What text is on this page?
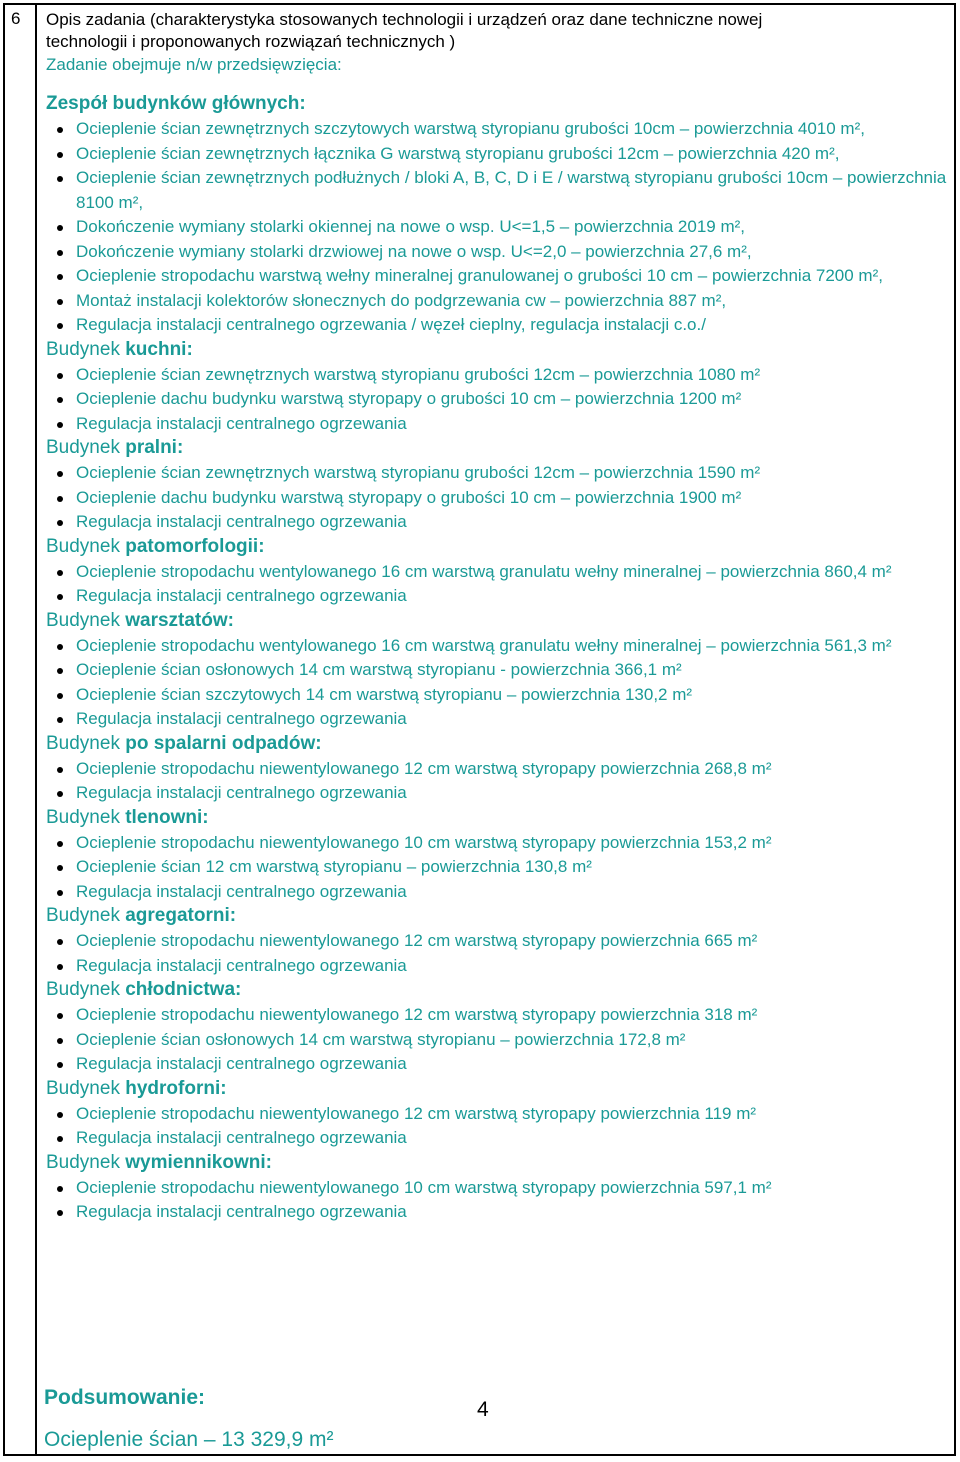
6 Opis zadania (charakterystyka stosowanych technologii i urządzeń oraz dane techniczne nowej
technologii i proponowanych rozwiązań technicznych )
Zadanie obejmuje n/w przedsięwzięcia:
Zespół budynków głównych:
Ocieplenie ścian zewnętrznych szczytowych warstwą styropianu grubości 10cm – powierzchnia 4010 m²,
Ocieplenie ścian zewnętrznych łącznika G warstwą styropianu grubości 12cm – powierzchnia 420 m²,
Ocieplenie ścian zewnętrznych podłużnych / bloki A, B, C, D i E / warstwą styropianu grubości 10cm – powierzchnia 8100 m²,
Dokończenie wymiany stolarki okiennej na nowe o wsp. U<=1,5 – powierzchnia 2019 m²,
Dokończenie wymiany stolarki drzwiowej na nowe o wsp. U<=2,0 – powierzchnia 27,6 m²,
Ocieplenie stropodachu warstwą wełny mineralnej granulowanej o grubości 10 cm – powierzchnia 7200 m²,
Montaż instalacji kolektorów słonecznych do podgrzewania cw – powierzchnia 887 m²,
Regulacja instalacji centralnego ogrzewania / węzeł cieplny, regulacja instalacji c.o./
Budynek kuchni:
Ocieplenie ścian zewnętrznych warstwą styropianu grubości 12cm – powierzchnia 1080 m²
Ocieplenie dachu budynku warstwą styropapy o grubości 10 cm – powierzchnia 1200 m²
Regulacja instalacji centralnego ogrzewania
Budynek pralni:
Ocieplenie ścian zewnętrznych warstwą styropianu grubości 12cm – powierzchnia 1590 m²
Ocieplenie dachu budynku warstwą styropapy o grubości 10 cm – powierzchnia 1900 m²
Regulacja instalacji centralnego ogrzewania
Budynek patomorfologii:
Ocieplenie stropodachu wentylowanego 16 cm warstwą granulatu wełny mineralnej – powierzchnia 860,4 m²
Regulacja instalacji centralnego ogrzewania
Budynek warsztatów:
Ocieplenie stropodachu wentylowanego 16 cm warstwą granulatu wełny mineralnej – powierzchnia 561,3 m²
Ocieplenie ścian osłonowych 14 cm warstwą styropianu - powierzchnia 366,1 m²
Ocieplenie ścian szczytowych 14 cm warstwą styropianu – powierzchnia 130,2 m²
Regulacja instalacji centralnego ogrzewania
Budynek po spalarni odpadów:
Ocieplenie stropodachu niewentylowanego 12 cm warstwą styropapy powierzchnia 268,8 m²
Regulacja instalacji centralnego ogrzewania
Budynek tlenowni:
Ocieplenie stropodachu niewentylowanego 10 cm warstwą styropapy powierzchnia 153,2 m²
Ocieplenie ścian 12 cm warstwą styropianu – powierzchnia 130,8 m²
Regulacja instalacji centralnego ogrzewania
Budynek agregatorni:
Ocieplenie stropodachu niewentylowanego 12 cm warstwą styropapy powierzchnia 665 m²
Regulacja instalacji centralnego ogrzewania
Budynek chłodnictwa:
Ocieplenie stropodachu niewentylowanego 12 cm warstwą styropapy powierzchnia 318 m²
Ocieplenie ścian osłonowych 14 cm warstwą styropianu – powierzchnia 172,8 m²
Regulacja instalacji centralnego ogrzewania
Budynek hydroforni:
Ocieplenie stropodachu niewentylowanego 12 cm warstwą styropapy powierzchnia 119 m²
Regulacja instalacji centralnego ogrzewania
Budynek wymiennikowni:
Ocieplenie stropodachu niewentylowanego 10 cm warstwą styropapy powierzchnia 597,1 m²
Regulacja instalacji centralnego ogrzewania
Podsumowanie:
Ocieplenie ścian – 13 329,9 m²
4
